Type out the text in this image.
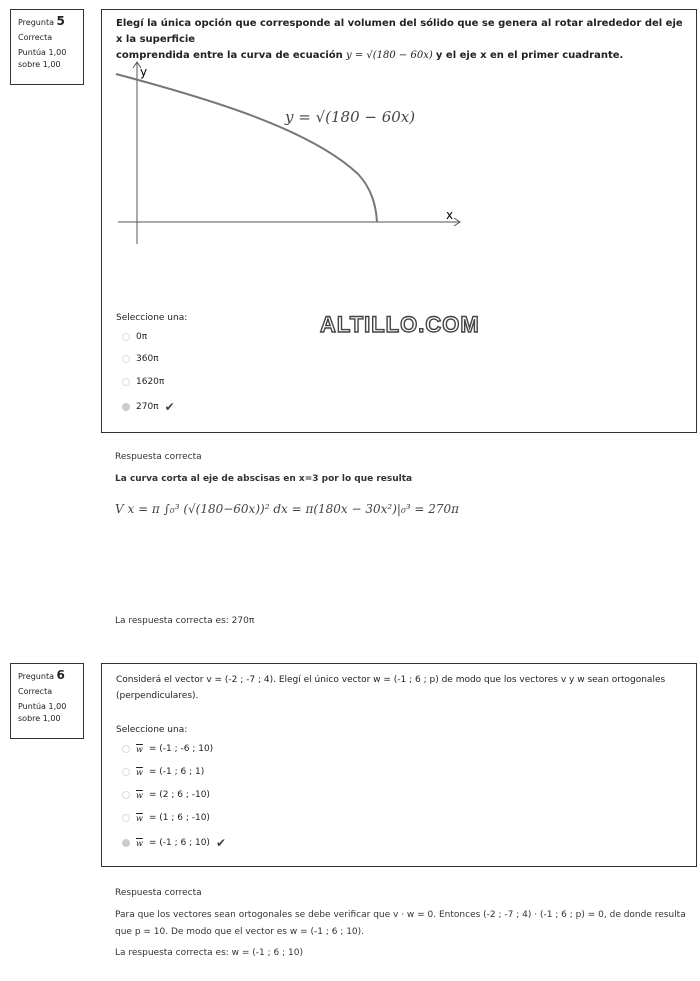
Pregunta 5

Correcta

Puntúa 1,00 sobre 1,00

Elegí la única opción que corresponde al volumen del sólido que se genera al rotar alrededor del eje x la superficie
comprendida entre la curva de ecuación y = √(180 − 60x) y el eje x en el primer cuadrante.
y
x
y = √(180 − 60x)
Seleccione una:
0π
360π
1620π
270π ✔
ALTILLO.COM
Respuesta correcta
La curva corta al eje de abscisas en x=3 por lo que resulta
V x = π ∫₀³ (√(180−60x))² dx = π(180x − 30x²)|₀³ = 270π
La respuesta correcta es: 270π

Pregunta 6

Correcta

Puntúa 1,00 sobre 1,00

Considerá el vector v = (-2 ; -7 ; 4). Elegí el único vector w = (-1 ; 6 ; p) de modo que los vectores v y w sean ortogonales
(perpendiculares).
Seleccione una:
$\overline{w} = (-1$ ; -6 ; 10)
$\overline{w} = (-1$ ; 6 ; 1)
$\overline{w} = (2$ ; 6 ; -10)
$\overline{w} = (1$ ; 6 ; -10)
$\overline{w} = (-1$ ; 6 ; 10) ✔
Respuesta correcta
Para que los vectores sean ortogonales se debe verificar que v · w = 0. Entonces (-2 ; -7 ; 4) · (-1 ; 6 ; p) = 0, de donde resulta
que p = 10. De modo que el vector es w = (-1 ; 6 ; 10).
La respuesta correcta es: w = (-1 ; 6 ; 10)
